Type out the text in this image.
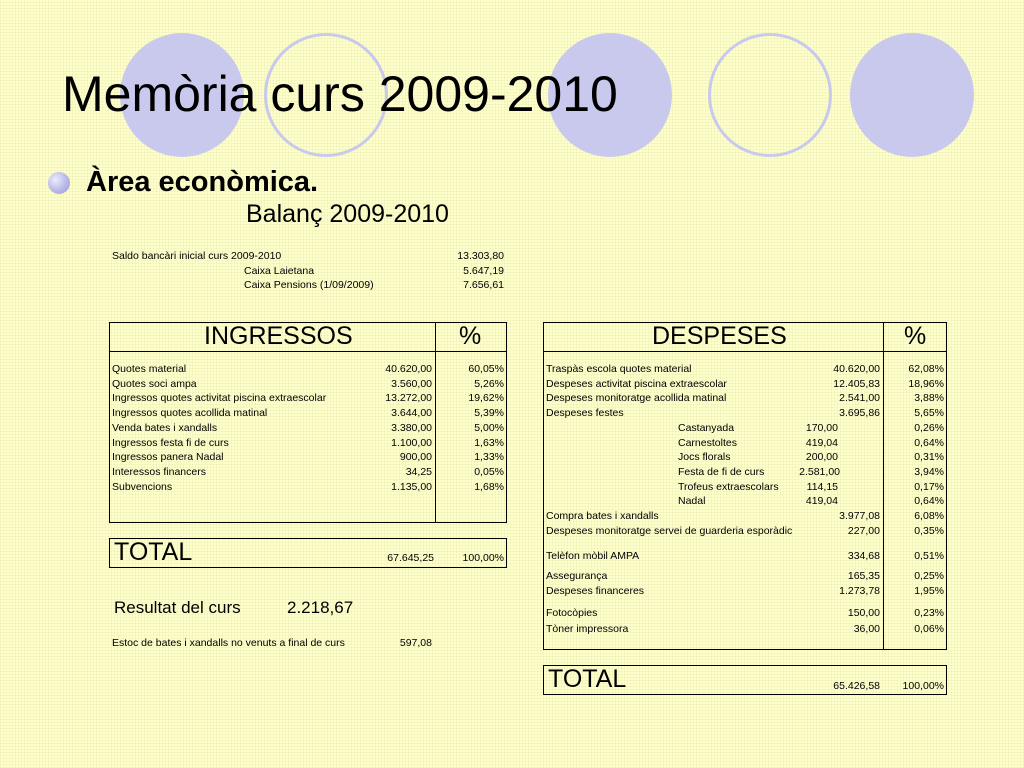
Memòria curs 2009-2010
Àrea econòmica.
Balanç 2009-2010
Saldo bancàri inicial curs 2009-2010	13.303,80
Caixa Laietana	5.647,19
Caixa Pensions (1/09/2009)	7.656,61
INGRESSOS	%
Quotes material	40.620,00	60,05%
Quotes soci ampa	3.560,00	5,26%
Ingressos quotes activitat piscina extraescolar	13.272,00	19,62%
Ingressos quotes acollida matinal	3.644,00	5,39%
Venda bates i xandalls	3.380,00	5,00%
Ingressos festa fi de curs	1.100,00	1,63%
Ingressos panera Nadal	900,00	1,33%
Interessos financers	34,25	0,05%
Subvencions	1.135,00	1,68%
TOTAL	67.645,25	100,00%
Resultat del curs	2.218,67
Estoc de bates i xandalls no venuts a final de curs	597,08
DESPESES	%
Traspàs escola quotes material	40.620,00	62,08%
Despeses activitat piscina extraescolar	12.405,83	18,96%
Despeses monitoratge acollida matinal	2.541,00	3,88%
Despeses festes	3.695,86	5,65%
Castanyada	170,00	0,26%
Carnestoltes	419,04	0,64%
Jocs florals	200,00	0,31%
Festa de fi de curs	2.581,00	3,94%
Trofeus extraescolars	114,15	0,17%
Nadal	419,04	0,64%
Compra bates i xandalls	3.977,08	6,08%
Despeses monitoratge servei de guarderia esporàdic	227,00	0,35%
Telèfon mòbil AMPA	334,68	0,51%
Assegurança	165,35	0,25%
Despeses financeres	1.273,78	1,95%
Fotocòpies	150,00	0,23%
Tòner impressora	36,00	0,06%
TOTAL	65.426,58 100,00%
